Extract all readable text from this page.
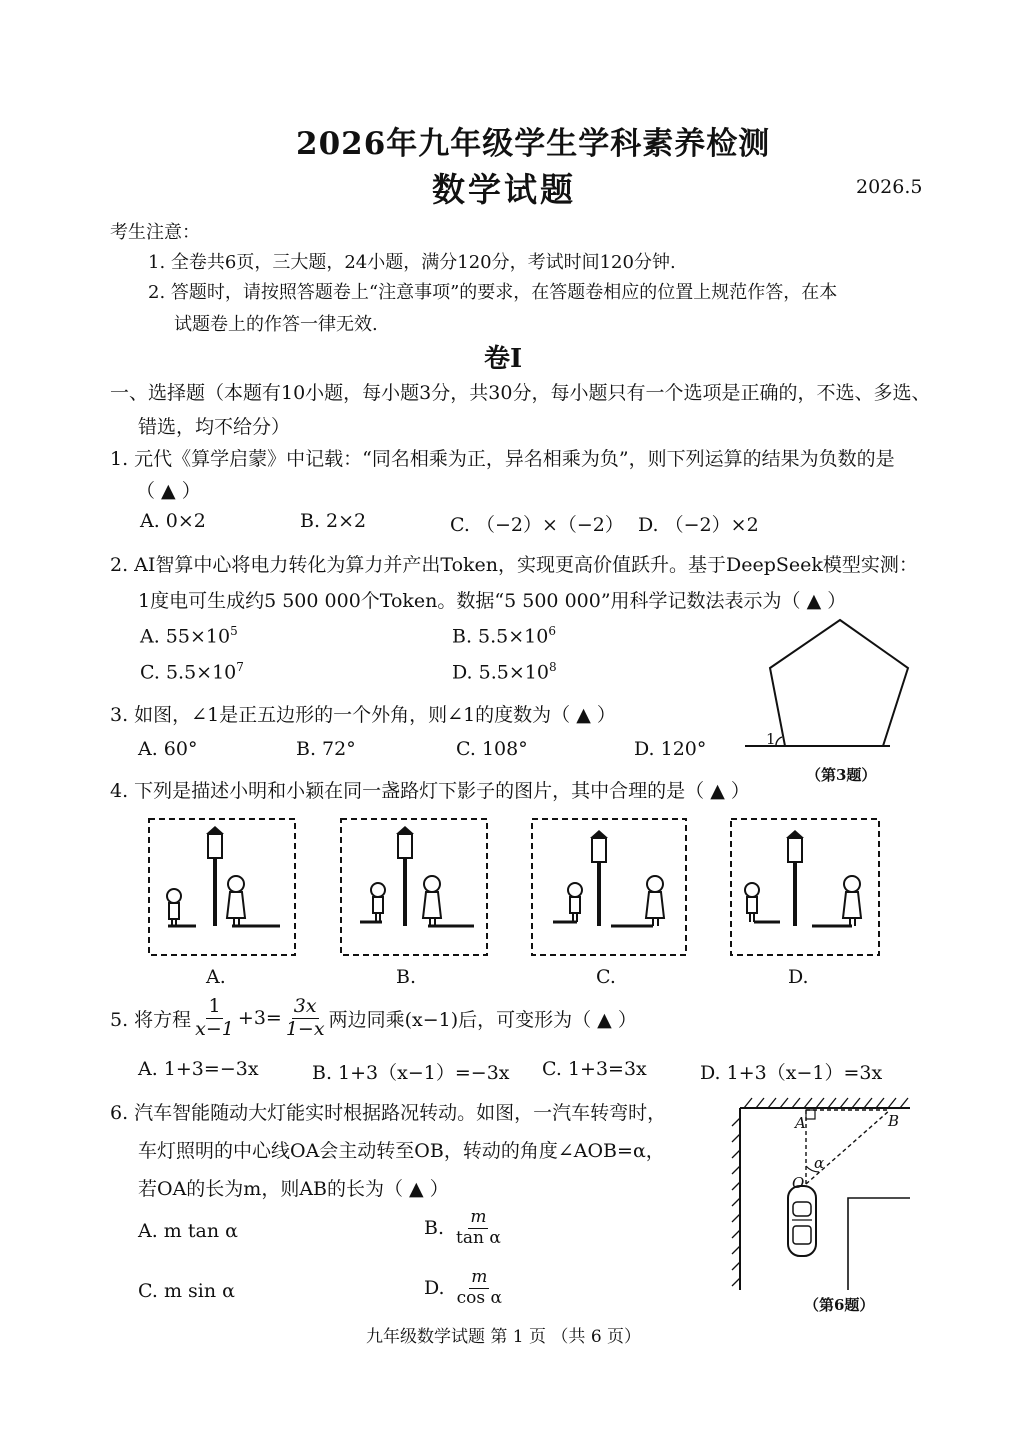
2026年九年级学生学科素养检测
数学试题	2026.5
考生注意：
1. 全卷共6页，三大题，24小题，满分120分，考试时间120分钟.
2. 答题时，请按照答题卷上“注意事项”的要求，在答题卷相应的位置上规范作答，在本
试题卷上的作答一律无效.
卷Ⅰ
一、选择题（本题有10小题，每小题3分，共30分，每小题只有一个选项是正确的，不选、多选、
错选，均不给分）
1. 元代《算学启蒙》中记载：“同名相乘为正，异名相乘为负”，则下列运算的结果为负数的是
（ ▲ ）
A. 0×2	B. 2×2	C. （−2）×（−2） D. （−2）×2
2. AI智算中心将电力转化为算力并产出Token，实现更高价值跃升。基于DeepSeek模型实测：
1度电可生成约5 500 000个Token。数据“5 500 000”用科学记数法表示为（ ▲ ）
A. $55\times 10^5$	B. $5.5\times 10^6$
C. $5.5\times 10^7$	D. $5.5\times 10^8$
1
（第3题）
3. 如图，∠1是正五边形的一个外角，则∠1的度数为（ ▲ ）
A. 60°	B. 72°	C. 108°	D. 120°
4. 下列是描述小明和小颖在同一盏路灯下影子的图片，其中合理的是（ ▲ ）
A.	B.	C.	D.
5. 将方程 $\frac{1}{x-1} +3= \frac{3x}{1-x}$ 两边同乘(x−1)后，可变形为（ ▲ ）
A. 1+3=−3x	B. 1+3（x−1）=−3x C. 1+3=3x	D. 1+3（x−1）=3x
6. 汽车智能随动大灯能实时根据路况转动。如图，一汽车转弯时，
车灯照明的中心线OA会主动转至OB，转动的角度∠AOB=α，
若OA的长为m，则AB的长为（ ▲ ）
A. m tan α	B. $\frac{m}{\text{tan α}}$
C. m sin α	D. $\frac{m}{\text{cos α}}$
A	B
O
α
（第6题）
九年级数学试题 第 1 页 （共 6 页）
